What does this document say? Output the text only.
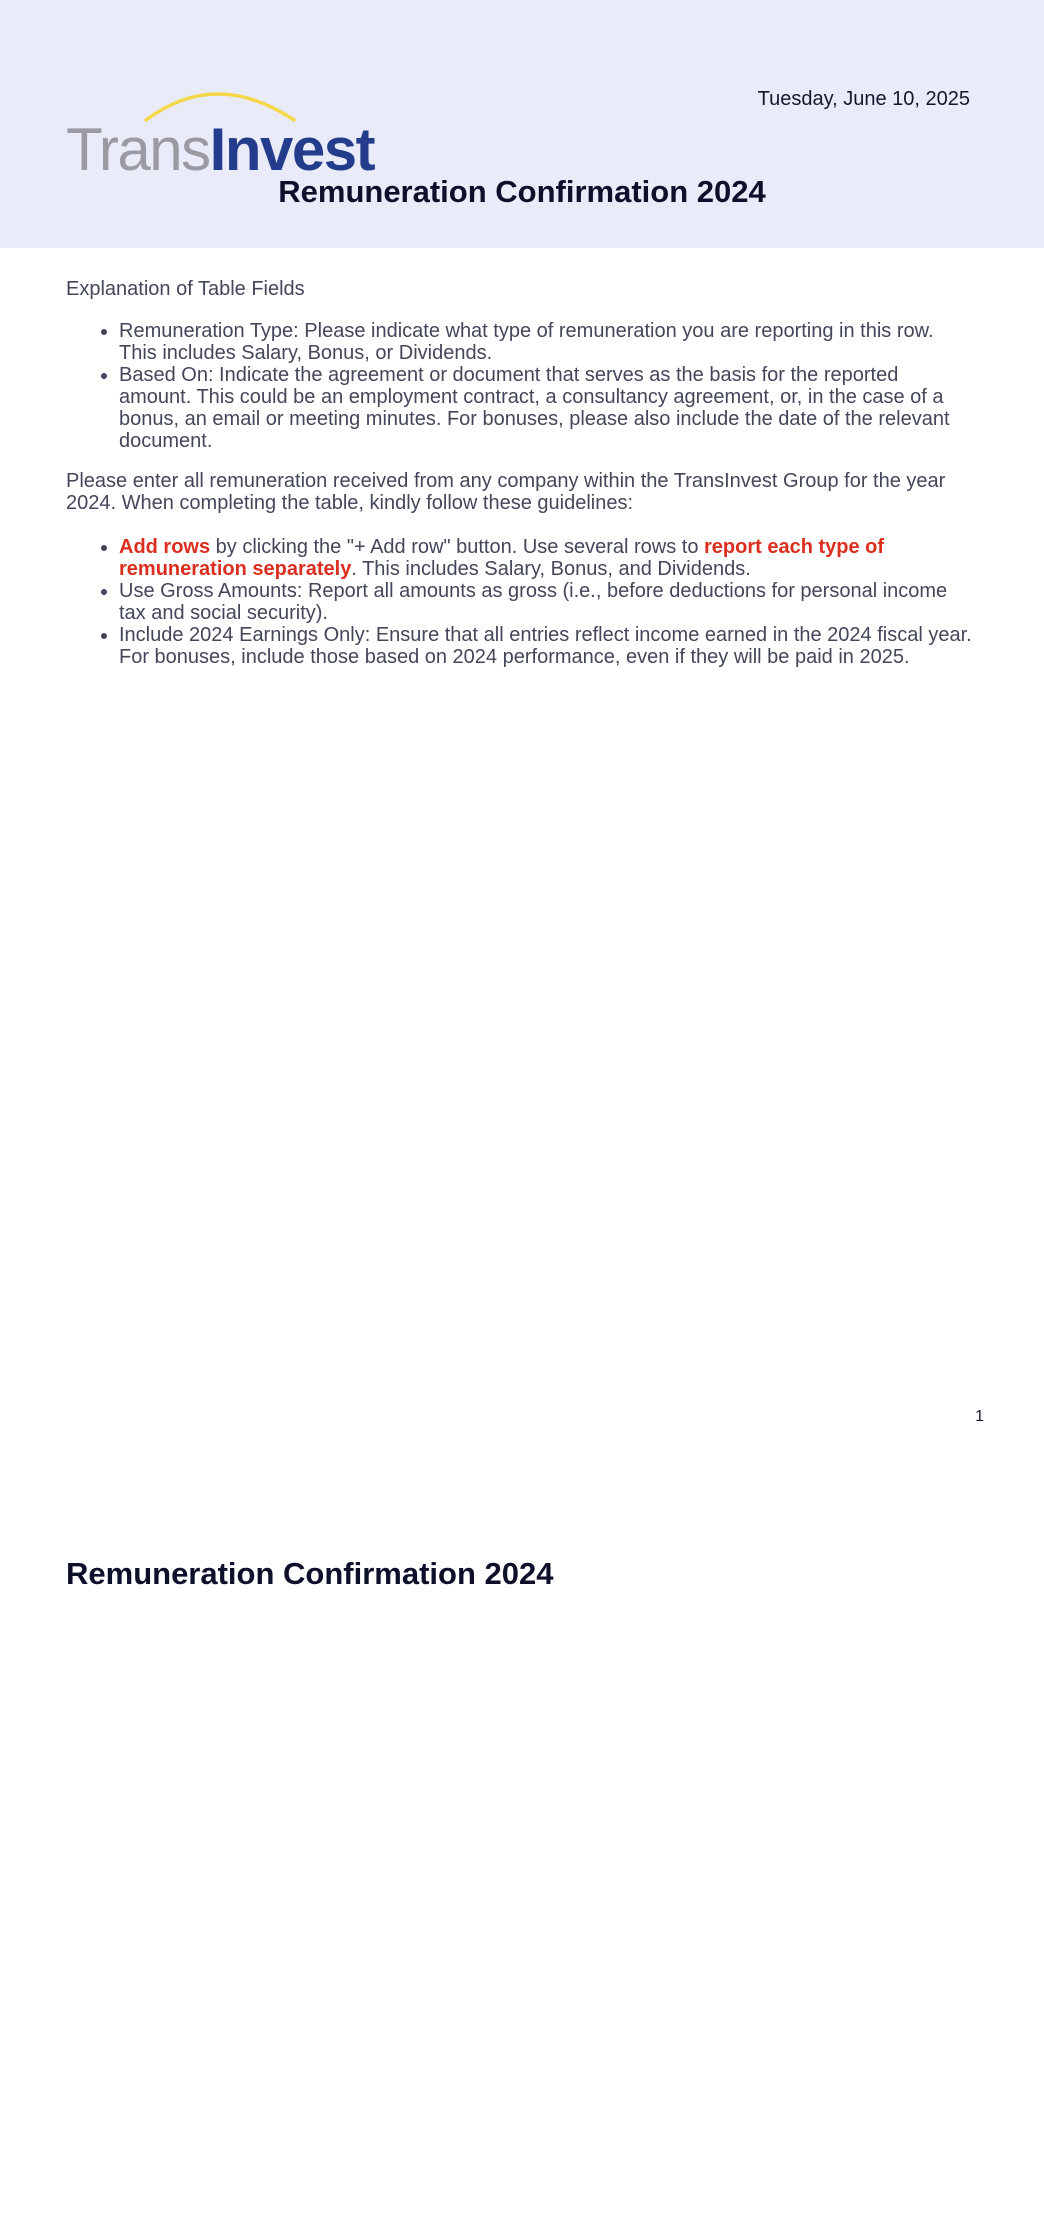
TransInvest
Tuesday, June 10, 2025
Remuneration Confirmation 2024

Explanation of Table Fields

• Remuneration Type: Please indicate what type of remuneration you are reporting in this row. This includes Salary, Bonus, or Dividends.
• Based On: Indicate the agreement or document that serves as the basis for the reported amount. This could be an employment contract, a consultancy agreement, or, in the case of a bonus, an email or meeting minutes. For bonuses, please also include the date of the relevant document.

Please enter all remuneration received from any company within the TransInvest Group for the year 2024. When completing the table, kindly follow these guidelines:

• Add rows by clicking the "+ Add row" button. Use several rows to report each type of remuneration separately. This includes Salary, Bonus, and Dividends.
• Use Gross Amounts: Report all amounts as gross (i.e., before deductions for personal income tax and social security).
• Include 2024 Earnings Only: Ensure that all entries reflect income earned in the 2024 fiscal year. For bonuses, include those based on 2024 performance, even if they will be paid in 2025.
1
Remuneration Confirmation 2024
